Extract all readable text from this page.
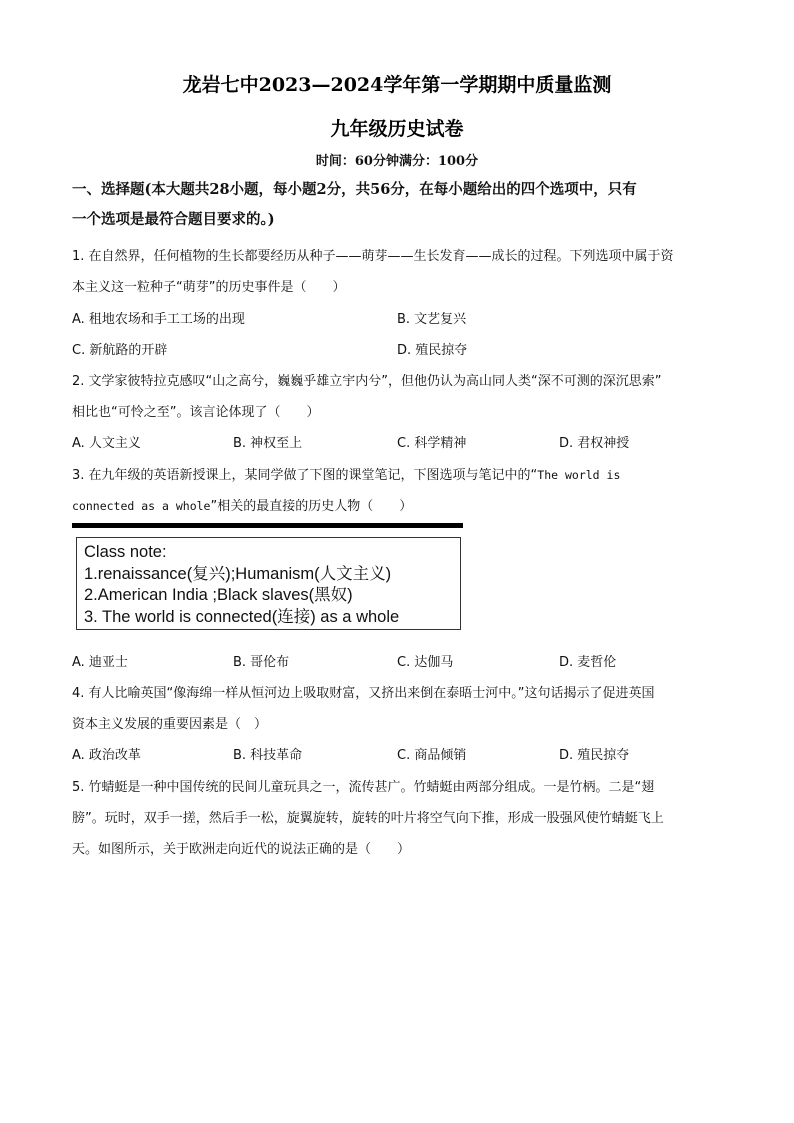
龙岩七中2023—2024学年第一学期期中质量监测
九年级历史试卷
时间：60分钟满分：100分
一、选择题(本大题共28小题，每小题2分，共56分，在每小题给出的四个选项中，只有
一个选项是最符合题目要求的。)
1. 在自然界，任何植物的生长都要经历从种子——萌芽——生长发育——成长的过程。下列选项中属于资
本主义这一粒种子“萌芽”的历史事件是（　　）
A. 租地农场和手工工场的出现	B. 文艺复兴
C. 新航路的开辟	D. 殖民掠夺
2. 文学家彼特拉克感叹“山之高兮，巍巍乎雄立宇内兮”，但他仍认为高山同人类“深不可测的深沉思索”
相比也“可怜之至”。该言论体现了（　　）
A. 人文主义	B. 神权至上	C. 科学精神	D. 君权神授
3. 在九年级的英语新授课上，某同学做了下图的课堂笔记，下图选项与笔记中的“The world is
connected as a whole”相关的最直接的历史人物（　　）
Class note:
1.renaissance(复兴);Humanism(人文主义)
2.American India ;Black slaves(黑奴)
3. The world is connected(连接) as a whole
A. 迪亚士	B. 哥伦布	C. 达伽马	D. 麦哲伦
4. 有人比喻英国“像海绵一样从恒河边上吸取财富，又挤出来倒在泰晤士河中。”这句话揭示了促进英国
资本主义发展的重要因素是（　）
A. 政治改革	B. 科技革命	C. 商品倾销	D. 殖民掠夺
5. 竹蜻蜓是一种中国传统的民间儿童玩具之一，流传甚广。竹蜻蜓由两部分组成。一是竹柄。二是“翅
膀”。玩时，双手一搓，然后手一松，旋翼旋转，旋转的叶片将空气向下推，形成一股强风使竹蜻蜓飞上
天。如图所示，关于欧洲走向近代的说法正确的是（　　）
